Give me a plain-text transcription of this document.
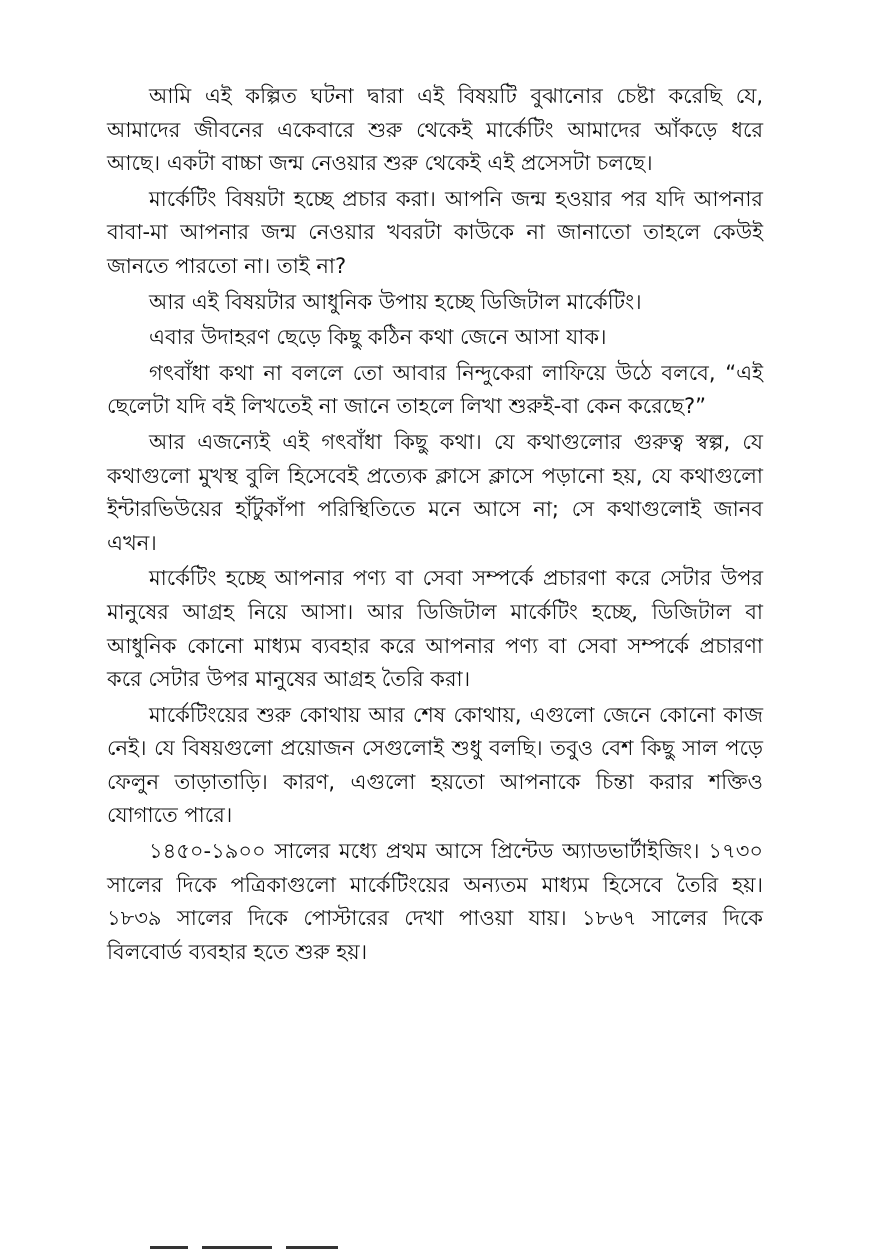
আমি এই কল্পিত ঘটনা দ্বারা এই বিষয়টি বুঝানোর চেষ্টা করেছি যে, আমাদের জীবনের একেবারে শুরু থেকেই মার্কেটিং আমাদের আঁকড়ে ধরে আছে। একটা বাচ্চা জন্ম নেওয়ার শুরু থেকেই এই প্রসেসটা চলছে।

মার্কেটিং বিষয়টা হচ্ছে প্রচার করা। আপনি জন্ম হওয়ার পর যদি আপনার বাবা-মা আপনার জন্ম নেওয়ার খবরটা কাউকে না জানাতো তাহলে কেউই জানতে পারতো না। তাই না?

আর এই বিষয়টার আধুনিক উপায় হচ্ছে ডিজিটাল মার্কেটিং।

এবার উদাহরণ ছেড়ে কিছু কঠিন কথা জেনে আসা যাক।

গৎবাঁধা কথা না বললে তো আবার নিন্দুকেরা লাফিয়ে উঠে বলবে, “এই ছেলেটা যদি বই লিখতেই না জানে তাহলে লিখা শুরুই-বা কেন করেছে?”

আর এজন্যেই এই গৎবাঁধা কিছু কথা। যে কথাগুলোর গুরুত্ব স্বল্প, যে কথাগুলো মুখস্থ বুলি হিসেবেই প্রত্যেক ক্লাসে ক্লাসে পড়ানো হয়, যে কথাগুলো ইন্টারভিউয়ের হাঁটুকাঁপা পরিস্থিতিতে মনে আসে না; সে কথাগুলোই জানব এখন।

মার্কেটিং হচ্ছে আপনার পণ্য বা সেবা সম্পর্কে প্রচারণা করে সেটার উপর মানুষের আগ্রহ নিয়ে আসা। আর ডিজিটাল মার্কেটিং হচ্ছে, ডিজিটাল বা আধুনিক কোনো মাধ্যম ব্যবহার করে আপনার পণ্য বা সেবা সম্পর্কে প্রচারণা করে সেটার উপর মানুষের আগ্রহ তৈরি করা।

মার্কেটিংয়ের শুরু কোথায় আর শেষ কোথায়, এগুলো জেনে কোনো কাজ নেই। যে বিষয়গুলো প্রয়োজন সেগুলোই শুধু বলছি। তবুও বেশ কিছু সাল পড়ে ফেলুন তাড়াতাড়ি। কারণ, এগুলো হয়তো আপনাকে চিন্তা করার শক্তিও যোগাতে পারে।

১৪৫০-১৯০০ সালের মধ্যে প্রথম আসে প্রিন্টেড অ্যাডভার্টাইজিং। ১৭৩০ সালের দিকে পত্রিকাগুলো মার্কেটিংয়ের অন্যতম মাধ্যম হিসেবে তৈরি হয়। ১৮৩৯ সালের দিকে পোস্টারের দেখা পাওয়া যায়। ১৮৬৭ সালের দিকে বিলবোর্ড ব্যবহার হতে শুরু হয়।
